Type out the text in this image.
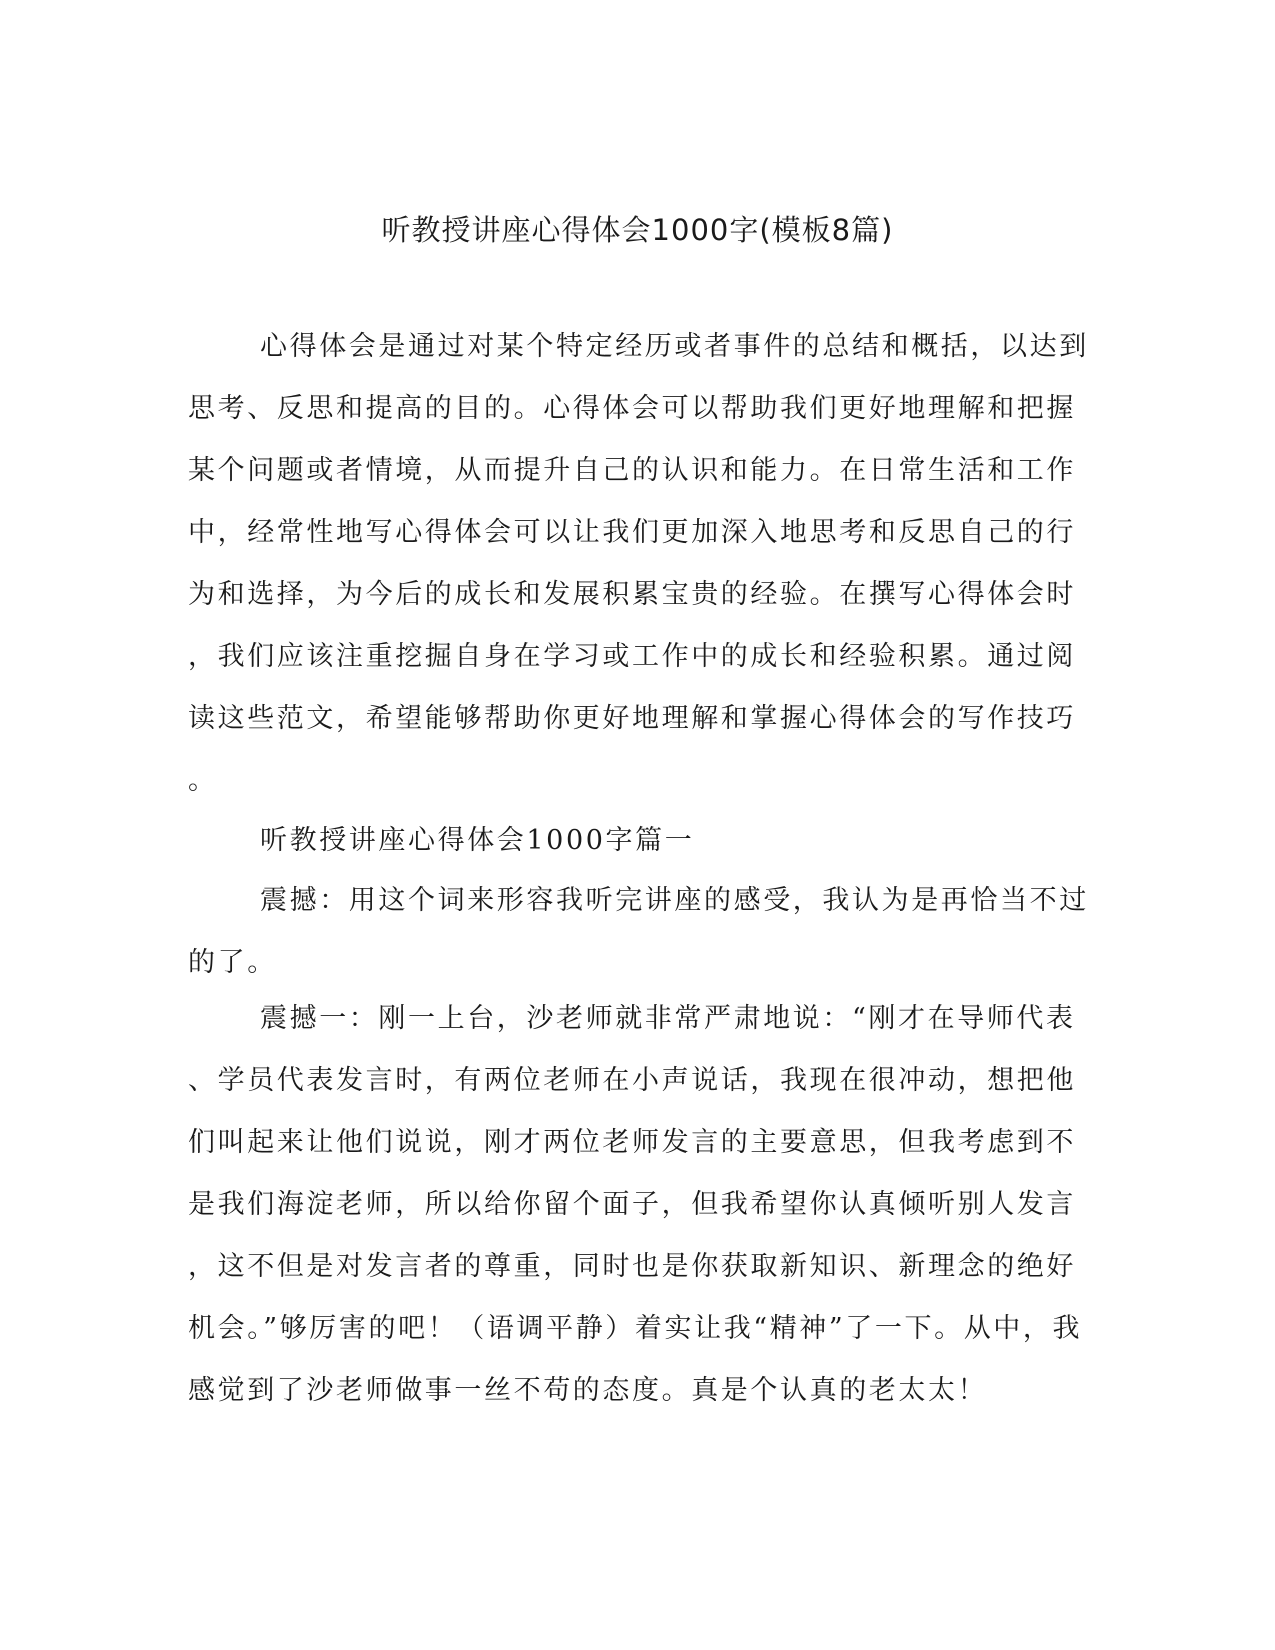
听教授讲座心得体会1000字(模板8篇)
心得体会是通过对某个特定经历或者事件的总结和概括，以达到
思考、反思和提高的目的。心得体会可以帮助我们更好地理解和把握
某个问题或者情境，从而提升自己的认识和能力。在日常生活和工作
中，经常性地写心得体会可以让我们更加深入地思考和反思自己的行
为和选择，为今后的成长和发展积累宝贵的经验。在撰写心得体会时
，我们应该注重挖掘自身在学习或工作中的成长和经验积累。通过阅
读这些范文，希望能够帮助你更好地理解和掌握心得体会的写作技巧
。
听教授讲座心得体会1000字篇一
震撼：用这个词来形容我听完讲座的感受，我认为是再恰当不过
的了。
震撼一：刚一上台，沙老师就非常严肃地说：“刚才在导师代表
、学员代表发言时，有两位老师在小声说话，我现在很冲动，想把他
们叫起来让他们说说，刚才两位老师发言的主要意思，但我考虑到不
是我们海淀老师，所以给你留个面子，但我希望你认真倾听别人发言
，这不但是对发言者的尊重，同时也是你获取新知识、新理念的绝好
机会。”够厉害的吧！（语调平静）着实让我“精神”了一下。从中，我
感觉到了沙老师做事一丝不苟的态度。真是个认真的老太太！
